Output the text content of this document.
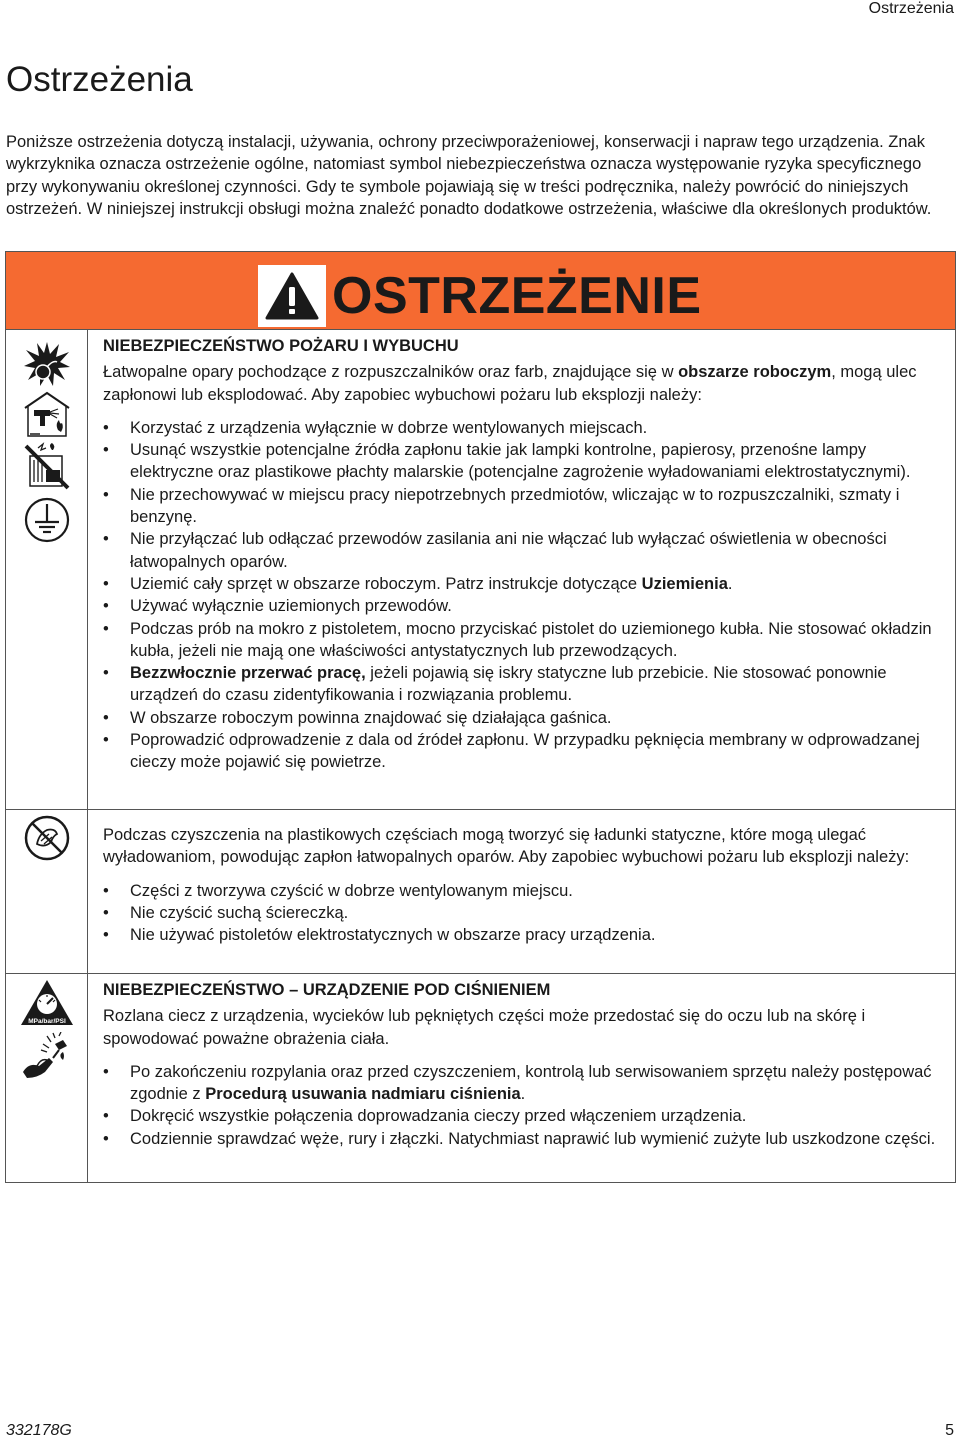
Ostrzeżenia
Ostrzeżenia

Poniższe ostrzeżenia dotyczą instalacji, używania, ochrony przeciwporażeniowej, konserwacji i napraw tego urządzenia. Znak wykrzyknika oznacza ostrzeżenie ogólne, natomiast symbol niebezpieczeństwa oznacza występowanie ryzyka specyficznego przy wykonywaniu określonej czynności. Gdy te symbole pojawiają się w treści podręcznika, należy powrócić do niniejszych ostrzeżeń. W niniejszej instrukcji obsługi można znaleźć ponadto dodatkowe ostrzeżenia, właściwe dla określonych produktów.

OSTRZEŻENIE
NIEBEZPIECZEŃSTWO POŻARU I WYBUCHU

Łatwopalne opary pochodzące z rozpuszczalników oraz farb, znajdujące się w obszarze roboczym, mogą ulec zapłonowi lub eksplodować. Aby zapobiec wybuchowi pożaru lub eksplozji należy:

• Korzystać z urządzenia wyłącznie w dobrze wentylowanych miejscach.
• Usunąć wszystkie potencjalne źródła zapłonu takie jak lampki kontrolne, papierosy, przenośne lampy elektryczne oraz plastikowe płachty malarskie (potencjalne zagrożenie wyładowaniami elektrostatycznymi).
• Nie przechowywać w miejscu pracy niepotrzebnych przedmiotów, wliczając w to rozpuszczalniki, szmaty i benzynę.
• Nie przyłączać lub odłączać przewodów zasilania ani nie włączać lub wyłączać oświetlenia w obecności łatwopalnych oparów.
• Uziemić cały sprzęt w obszarze roboczym. Patrz instrukcje dotyczące Uziemienia.
• Używać wyłącznie uziemionych przewodów.
• Podczas prób na mokro z pistoletem, mocno przyciskać pistolet do uziemionego kubła. Nie stosować okładzin kubła, jeżeli nie mają one właściwości antystatycznych lub przewodzących.
• Bezzwłocznie przerwać pracę, jeżeli pojawią się iskry statyczne lub przebicie. Nie stosować ponownie urządzeń do czasu zidentyfikowania i rozwiązania problemu.
• W obszarze roboczym powinna znajdować się działająca gaśnica.
• Poprowadzić odprowadzenie z dala od źródeł zapłonu. W przypadku pęknięcia membrany w odprowadzanej cieczy może pojawić się powietrze.

Podczas czyszczenia na plastikowych częściach mogą tworzyć się ładunki statyczne, które mogą ulegać wyładowaniom, powodując zapłon łatwopalnych oparów. Aby zapobiec wybuchowi pożaru lub eksplozji należy:

• Części z tworzywa czyścić w dobrze wentylowanym miejscu.
• Nie czyścić suchą ściereczką.
• Nie używać pistoletów elektrostatycznych w obszarze pracy urządzenia.
MPa/bar/PSI
NIEBEZPIECZEŃSTWO – URZĄDZENIE POD CIŚNIENIEM

Rozlana ciecz z urządzenia, wycieków lub pękniętych części może przedostać się do oczu lub na skórę i spowodować poważne obrażenia ciała.

• Po zakończeniu rozpylania oraz przed czyszczeniem, kontrolą lub serwisowaniem sprzętu należy postępować zgodnie z Procedurą usuwania nadmiaru ciśnienia.
• Dokręcić wszystkie połączenia doprowadzania cieczy przed włączeniem urządzenia.
• Codziennie sprawdzać węże, rury i złączki. Natychmiast naprawić lub wymienić zużyte lub uszkodzone części.
332178G	5
